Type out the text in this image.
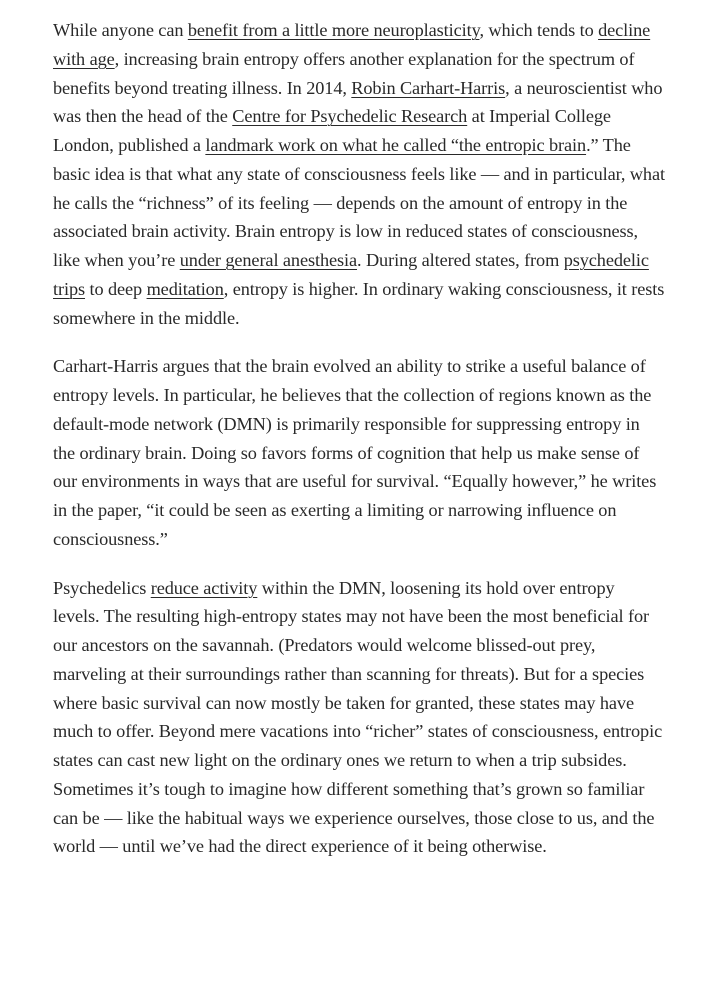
While anyone can benefit from a little more neuroplasticity, which tends to decline with age, increasing brain entropy offers another explanation for the spectrum of benefits beyond treating illness. In 2014, Robin Carhart-Harris, a neuroscientist who was then the head of the Centre for Psychedelic Research at Imperial College London, published a landmark work on what he called “the entropic brain.” The basic idea is that what any state of consciousness feels like — and in particular, what he calls the “richness” of its feeling — depends on the amount of entropy in the associated brain activity. Brain entropy is low in reduced states of consciousness, like when you’re under general anesthesia. During altered states, from psychedelic trips to deep meditation, entropy is higher. In ordinary waking consciousness, it rests somewhere in the middle.

Carhart-Harris argues that the brain evolved an ability to strike a useful balance of entropy levels. In particular, he believes that the collection of regions known as the default-mode network (DMN) is primarily responsible for suppressing entropy in the ordinary brain. Doing so favors forms of cognition that help us make sense of our environments in ways that are useful for survival. “Equally however,” he writes in the paper, “it could be seen as exerting a limiting or narrowing influence on consciousness.”

Psychedelics reduce activity within the DMN, loosening its hold over entropy levels. The resulting high-entropy states may not have been the most beneficial for our ancestors on the savannah. (Predators would welcome blissed-out prey, marveling at their surroundings rather than scanning for threats). But for a species where basic survival can now mostly be taken for granted, these states may have much to offer. Beyond mere vacations into “richer” states of consciousness, entropic states can cast new light on the ordinary ones we return to when a trip subsides. Sometimes it’s tough to imagine how different something that’s grown so familiar can be — like the habitual ways we experience ourselves, those close to us, and the world — until we’ve had the direct experience of it being otherwise.
